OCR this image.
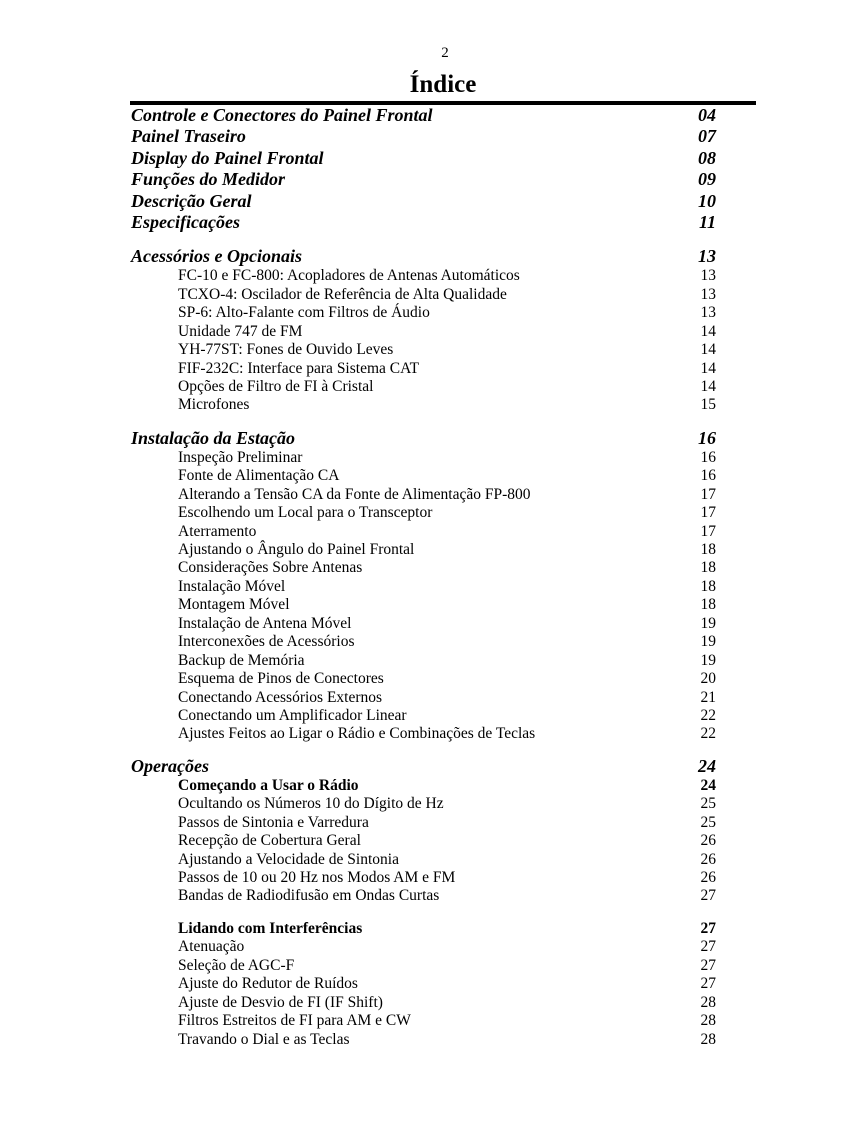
2
Índice
Controle e Conectores do Painel Frontal	04
Painel Traseiro	07
Display do Painel Frontal	08
Funções do Medidor	09
Descrição Geral	10
Especificações	11
Acessórios e Opcionais	13
FC-10 e FC-800: Acopladores de Antenas Automáticos	13
TCXO-4: Oscilador de Referência de Alta Qualidade	13
SP-6: Alto-Falante com Filtros de Áudio	13
Unidade 747 de FM	14
YH-77ST: Fones de Ouvido Leves	14
FIF-232C: Interface para Sistema CAT	14
Opções de Filtro de FI à Cristal	14
Microfones	15
Instalação da Estação	16
Inspeção Preliminar	16
Fonte de Alimentação CA	16
Alterando a Tensão CA da Fonte de Alimentação FP-800	17
Escolhendo um Local para o Transceptor	17
Aterramento	17
Ajustando o Ângulo do Painel Frontal	18
Considerações Sobre Antenas	18
Instalação Móvel	18
Montagem Móvel	18
Instalação de Antena Móvel	19
Interconexões de Acessórios	19
Backup de Memória	19
Esquema de Pinos de Conectores	20
Conectando Acessórios Externos	21
Conectando um Amplificador Linear	22
Ajustes Feitos ao Ligar o Rádio e Combinações de Teclas	22
Operações	24
Começando a Usar o Rádio	24
Ocultando os Números 10 do Dígito de Hz	25
Passos de Sintonia e Varredura	25
Recepção de Cobertura Geral	26
Ajustando a Velocidade de Sintonia	26
Passos de 10 ou 20 Hz nos Modos AM e FM	26
Bandas de Radiodifusão em Ondas Curtas	27
Lidando com Interferências	27
Atenuação	27
Seleção de AGC-F	27
Ajuste do Redutor de Ruídos	27
Ajuste de Desvio de FI (IF Shift)	28
Filtros Estreitos de FI para AM e CW	28
Travando o Dial e as Teclas	28
